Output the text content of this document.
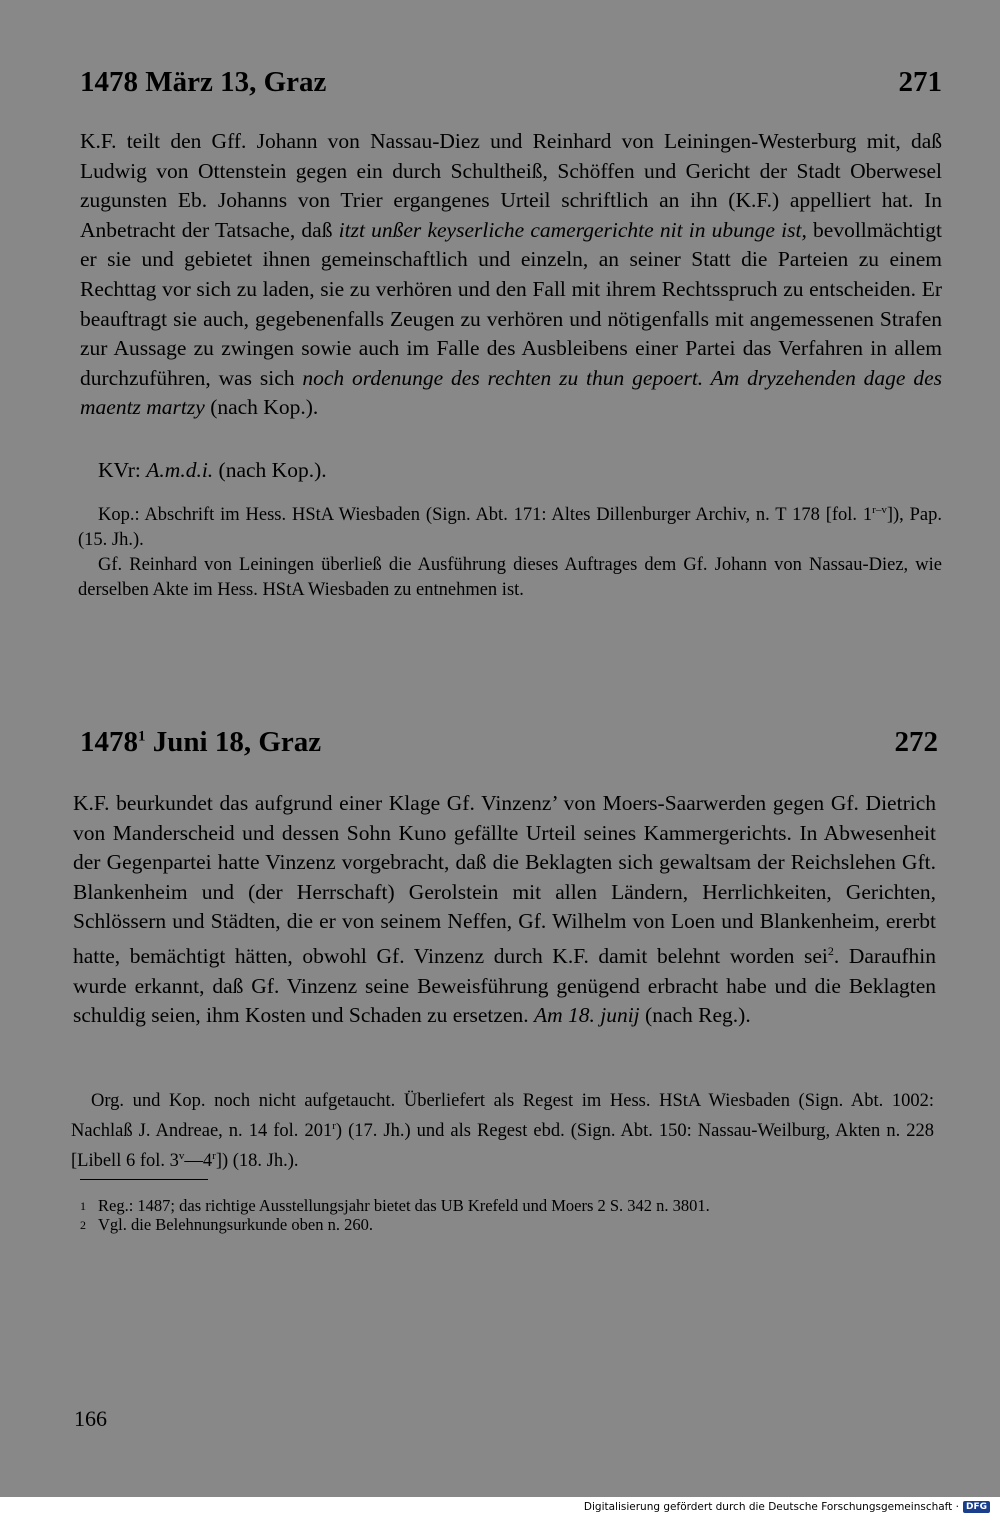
1478 März 13, Graz	271

K.F. teilt den Gff. Johann von Nassau-Diez und Reinhard von Leiningen-Westerburg mit, daß Ludwig von Ottenstein gegen ein durch Schultheiß, Schöffen und Gericht der Stadt Oberwesel zugunsten Eb. Johanns von Trier ergangenes Urteil schriftlich an ihn (K.F.) appelliert hat. In Anbetracht der Tatsache, daß itzt unßer keyserliche camergerichte nit in ubunge ist, bevollmächtigt er sie und gebietet ihnen gemeinschaftlich und einzeln, an seiner Statt die Parteien zu einem Rechttag vor sich zu laden, sie zu verhören und den Fall mit ihrem Rechtsspruch zu entscheiden. Er beauftragt sie auch, gegebenenfalls Zeugen zu verhören und nötigenfalls mit angemessenen Strafen zur Aussage zu zwingen sowie auch im Falle des Ausbleibens einer Partei das Verfahren in allem durchzuführen, was sich noch ordenunge des rechten zu thun gepoert. Am dryzehenden dage des maentz martzy (nach Kop.).

KVr: A.m.d.i. (nach Kop.).

Kop.: Abschrift im Hess. HStA Wiesbaden (Sign. Abt. 171: Altes Dillenburger Archiv, n. T 178 [fol. 1$^{r-v}$]), Pap. (15. Jh.).

Gf. Reinhard von Leiningen überließ die Ausführung dieses Auftrages dem Gf. Johann von Nassau-Diez, wie derselben Akte im Hess. HStA Wiesbaden zu entnehmen ist.

1478$^1$ Juni 18, Graz	272

K.F. beurkundet das aufgrund einer Klage Gf. Vinzenz’ von Moers-Saarwerden gegen Gf. Dietrich von Manderscheid und dessen Sohn Kuno gefällte Urteil seines Kammergerichts. In Abwesenheit der Gegenpartei hatte Vinzenz vorgebracht, daß die Beklagten sich gewaltsam der Reichslehen Gft. Blankenheim und (der Herrschaft) Gerolstein mit allen Ländern, Herrlichkeiten, Gerichten, Schlössern und Städten, die er von seinem Neffen, Gf. Wilhelm von Loen und Blankenheim, ererbt hatte, bemächtigt hätten, obwohl Gf. Vinzenz durch K.F. damit belehnt worden sei$^2$. Daraufhin wurde erkannt, daß Gf. Vinzenz seine Beweisführung genügend erbracht habe und die Beklagten schuldig seien, ihm Kosten und Schaden zu ersetzen. Am 18. junij (nach Reg.).

Org. und Kop. noch nicht aufgetaucht. Überliefert als Regest im Hess. HStA Wiesbaden (Sign. Abt. 1002: Nachlaß J. Andreae, n. 14 fol. 201$^r$) (17. Jh.) und als Regest ebd. (Sign. Abt. 150: Nassau-Weilburg, Akten n. 228 [Libell 6 fol. 3$^v$—4$^r$]) (18. Jh.).

1 Reg.: 1487; das richtige Ausstellungsjahr bietet das UB Krefeld und Moers 2 S. 342 n. 3801.

2 Vgl. die Belehnungsurkunde oben n. 260.

166
Digitalisierung gefördert durch die Deutsche Forschungsgemeinschaft · DFG
